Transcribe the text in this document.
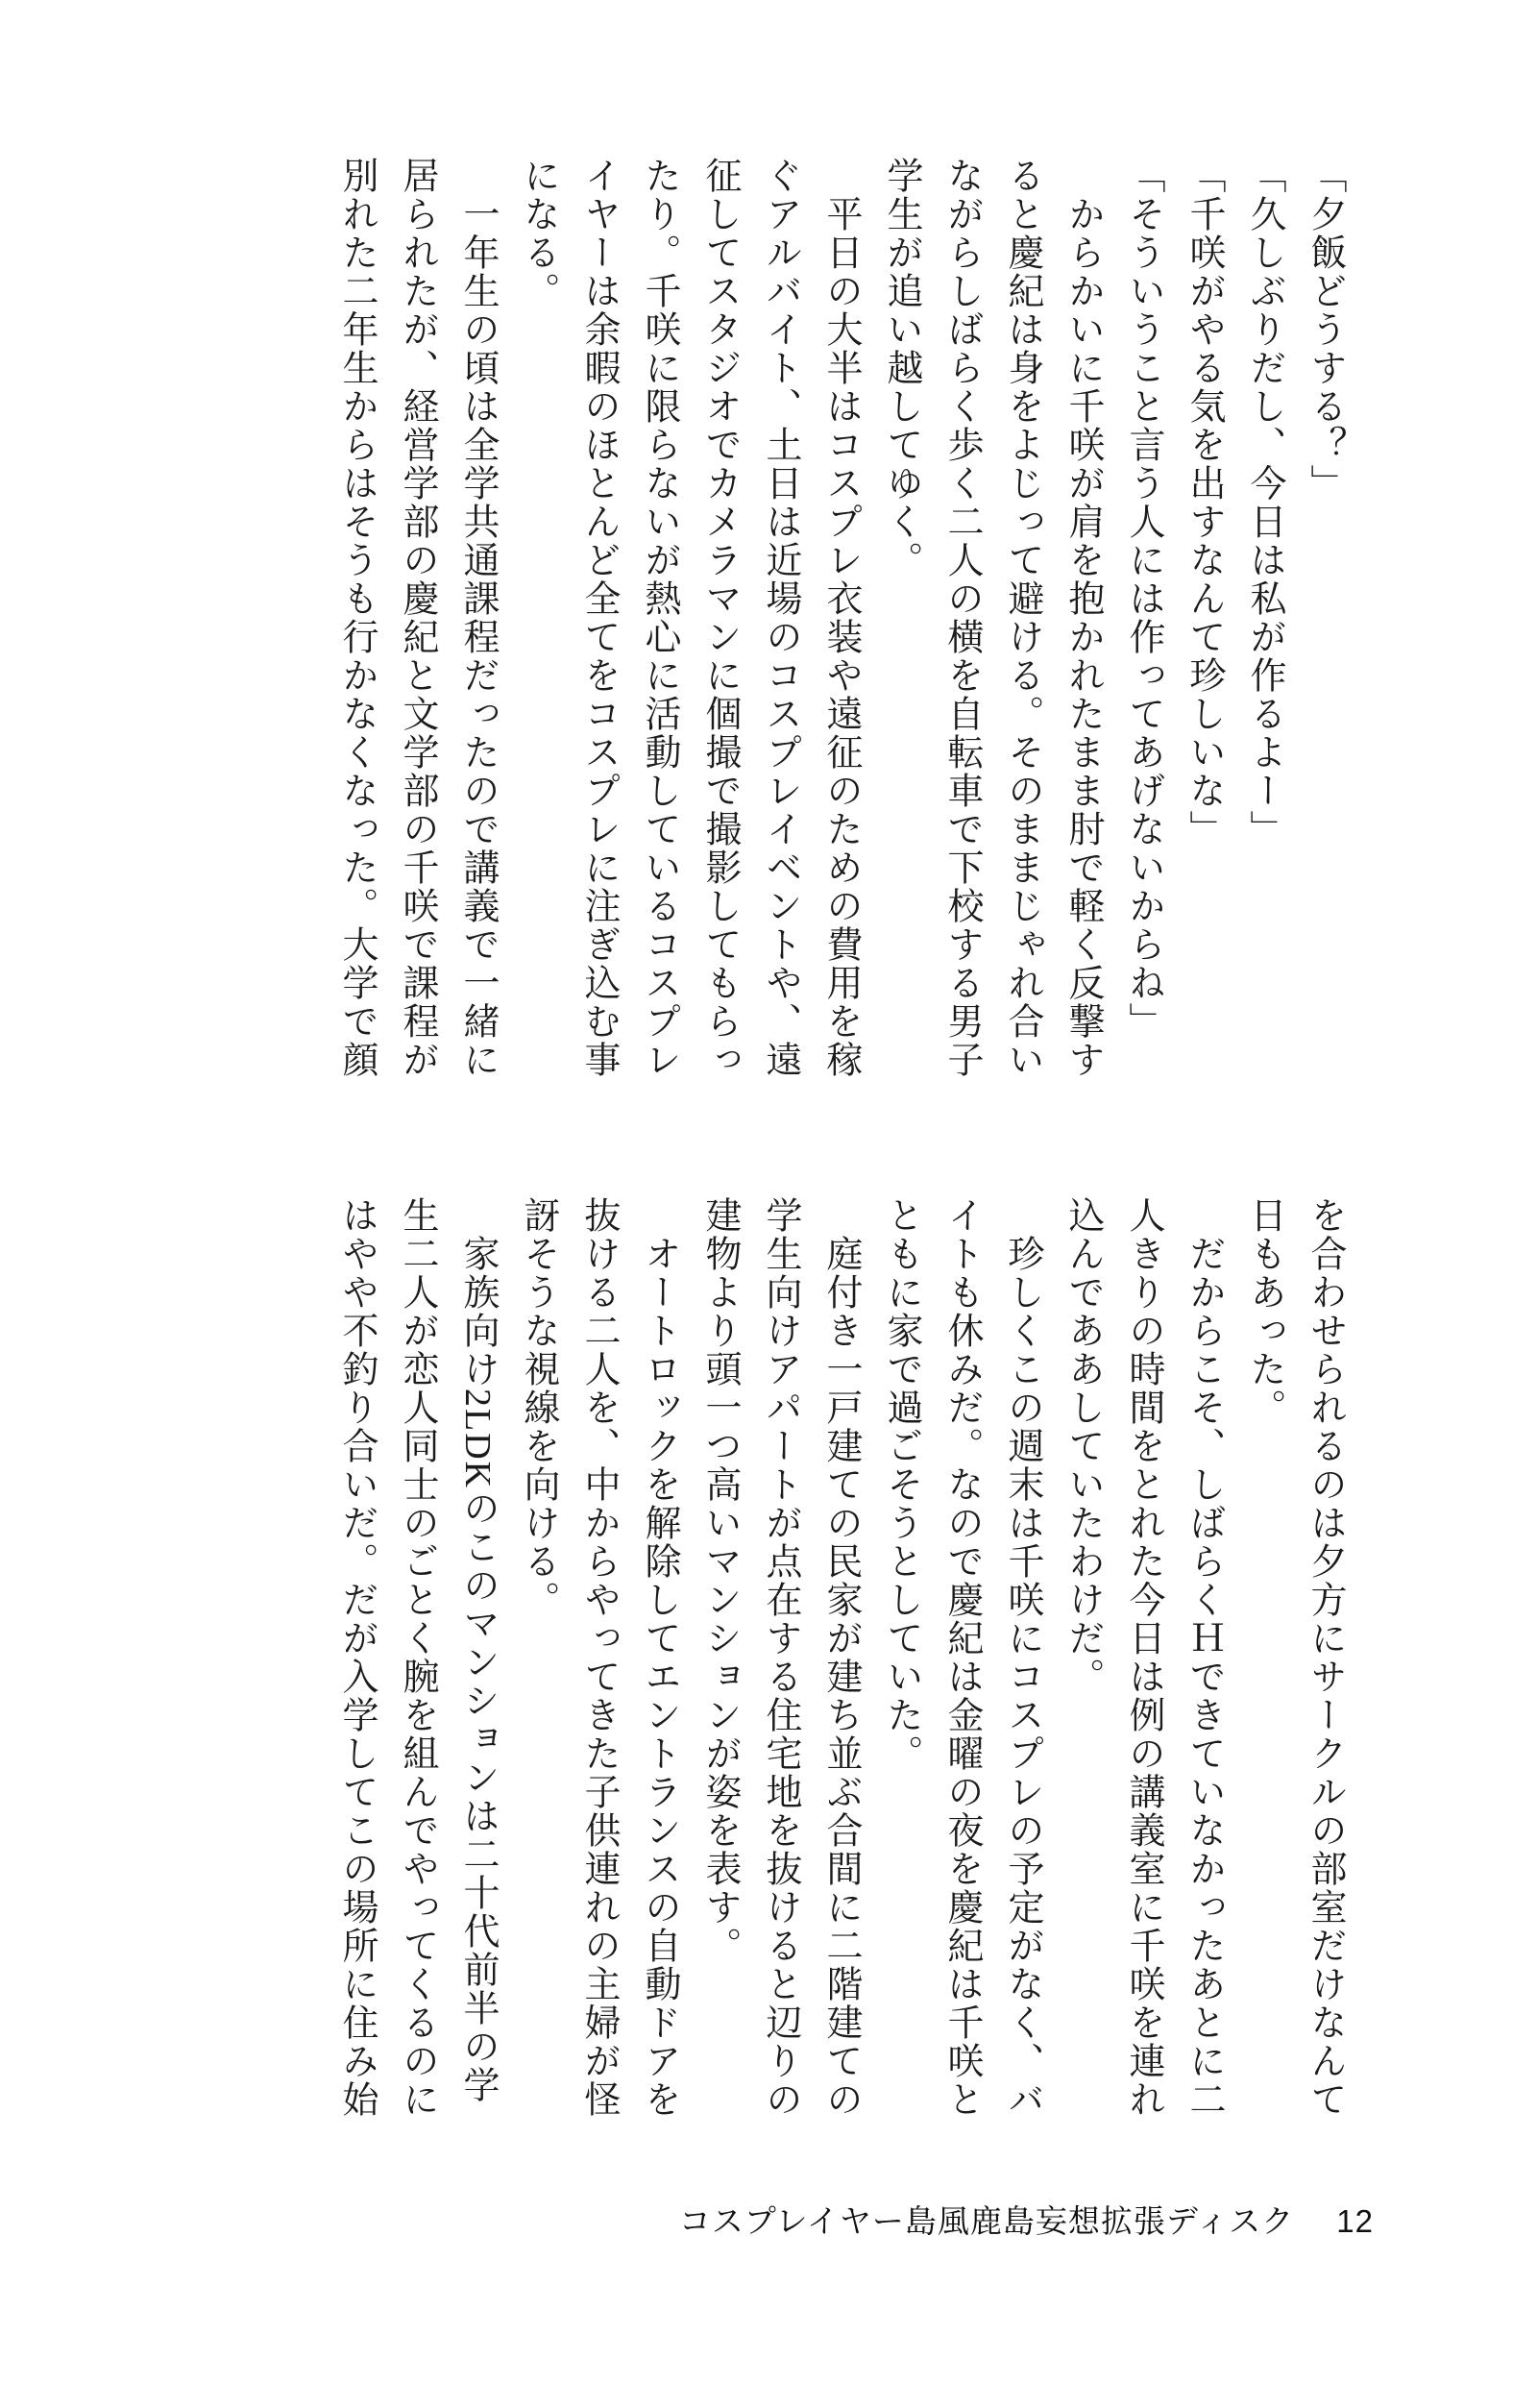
「夕飯どうする？」
「久しぶりだし、今日は私が作るよー」
「千咲がやる気を出すなんて珍しいな」
「そういうこと言う人には作ってあげないからね」
　からかいに千咲が肩を抱かれたまま肘で軽く反撃す
ると慶紀は身をよじって避ける。そのままじゃれ合い
ながらしばらく歩く二人の横を自転車で下校する男子
学生が追い越してゆく。
　平日の大半はコスプレ衣装や遠征のための費用を稼
ぐアルバイト、土日は近場のコスプレイベントや、遠
征してスタジオでカメラマンに個撮で撮影してもらっ
たり。千咲に限らないが熱心に活動しているコスプレ
イヤーは余暇のほとんど全てをコスプレに注ぎ込む事
になる。
　一年生の頃は全学共通課程だったので講義で一緒に
居られたが、経営学部の慶紀と文学部の千咲で課程が
別れた二年生からはそうも行かなくなった。大学で顔
を合わせられるのは夕方にサークルの部室だけなんて
日もあった。
　だからこそ、しばらくＨできていなかったあとに二
人きりの時間をとれた今日は例の講義室に千咲を連れ
込んでああしていたわけだ。
　珍しくこの週末は千咲にコスプレの予定がなく、バ
イトも休みだ。なので慶紀は金曜の夜を慶紀は千咲と
ともに家で過ごそうとしていた。
　庭付き一戸建ての民家が建ち並ぶ合間に二階建ての
学生向けアパートが点在する住宅地を抜けると辺りの
建物より頭一つ高いマンションが姿を表す。
　オートロックを解除してエントランスの自動ドアを
抜ける二人を、中からやってきた子供連れの主婦が怪
訝そうな視線を向ける。
　家族向け2LDKのこのマンションは二十代前半の学
生二人が恋人同士のごとく腕を組んでやってくるのに
はやや不釣り合いだ。だが入学してこの場所に住み始
コスプレイヤー島風鹿島妄想拡張ディスク 12
